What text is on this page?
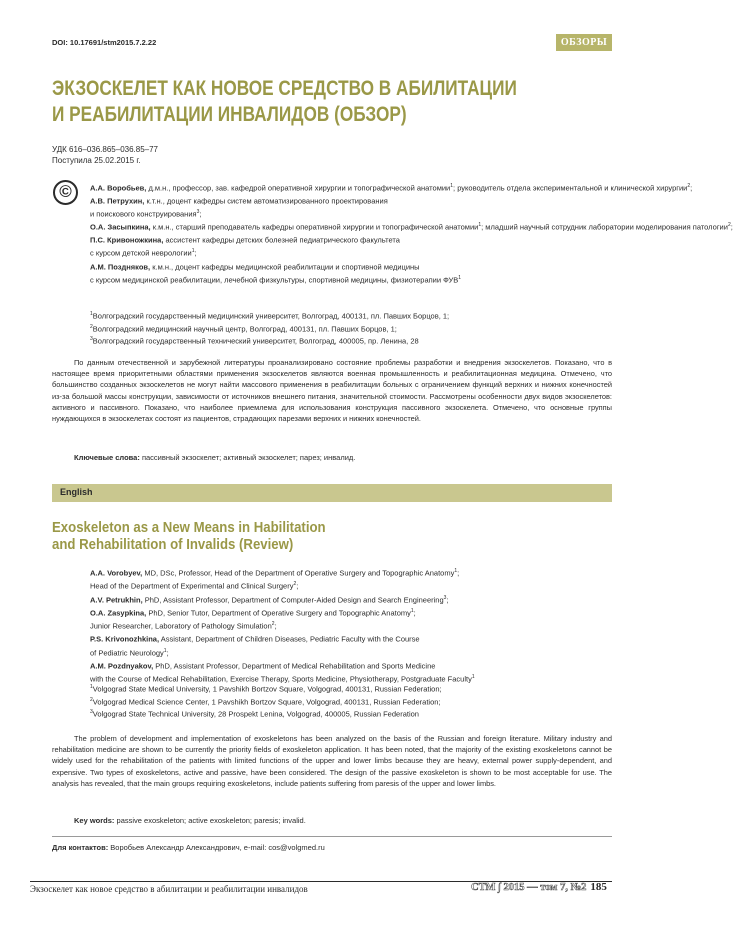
DOI: 10.17691/stm2015.7.2.22	ОБЗОРЫ
ЭКЗОСКЕЛЕТ КАК НОВОЕ СРЕДСТВО В АБИЛИТАЦИИ
И РЕАБИЛИТАЦИИ ИНВАЛИДОВ (ОБЗОР)
УДК 616–036.865–036.85–77
Поступила 25.02.2015 г.
©	А.А. Воробьев, д.м.н., профессор, зав. кафедрой оперативной хирургии и топографической анатомии$^1$; руководитель отдела экспериментальной и клинической хирургии$^2$;

А.В. Петрухин, к.т.н., доцент кафедры систем автоматизированного проектирования
и поискового конструирования$^3$;

О.А. Засыпкина, к.м.н., старший преподаватель кафедры оперативной хирургии и топографической анатомии$^1$; младший научный сотрудник лаборатории моделирования патологии$^2$;

П.С. Кривоножкина, ассистент кафедры детских болезней педиатрического факультета
с курсом детской неврологии$^1$;

А.М. Поздняков, к.м.н., доцент кафедры медицинской реабилитации и спортивной медицины
с курсом медицинской реабилитации, лечебной физкультуры, спортивной медицины, физиотерапии ФУВ$^1$

$^1$Волгоградский государственный медицинский университет, Волгоград, 400131, пл. Павших Борцов, 1;

$^2$Волгоградский медицинский научный центр, Волгоград, 400131, пл. Павших Борцов, 1;

$^3$Волгоградский государственный технический университет, Волгоград, 400005, пр. Ленина, 28

По данным отечественной и зарубежной литературы проанализировано состояние проблемы разработки и внедрения экзоскелетов. Показано, что в настоящее время приоритетными областями применения экзоскелетов являются военная промышленность и реабилитационная медицина. Отмечено, что большинство созданных экзоскелетов не могут найти массового применения в реабилитации больных с ограничением функций верхних и нижних конечностей из-за большой массы конструкции, зависимости от источников внешнего питания, значительной стоимости. Рассмотрены особенности двух видов экзоскелетов: активного и пассивного. Показано, что наиболее приемлема для использования конструкция пассивного экзоскелета. Отмечено, что основные группы нуждающихся в экзоскелетах состоят из пациентов, страдающих парезами верхних и нижних конечностей.

Ключевые слова: пассивный экзоскелет; активный экзоскелет; парез; инвалид.
English
Exoskeleton as a New Means in Habilitation
and Rehabilitation of Invalids (Review)

A.A. Vorobyev, MD, DSc, Professor, Head of the Department of Operative Surgery and Topographic Anatomy$^1$;
Head of the Department of Experimental and Clinical Surgery$^2$;

A.V. Petrukhin, PhD, Assistant Professor, Department of Computer-Aided Design and Search Engineering$^3$;

O.A. Zasypkina, PhD, Senior Tutor, Department of Operative Surgery and Topographic Anatomy$^1$;
Junior Researcher, Laboratory of Pathology Simulation$^2$;

P.S. Krivonozhkina, Assistant, Department of Children Diseases, Pediatric Faculty with the Course
of Pediatric Neurology$^1$;

A.M. Pozdnyakov, PhD, Assistant Professor, Department of Medical Rehabilitation and Sports Medicine
with the Course of Medical Rehabilitation, Exercise Therapy, Sports Medicine, Physiotherapy, Postgraduate Faculty$^1$

$^1$Volgograd State Medical University, 1 Pavshikh Bortzov Square, Volgograd, 400131, Russian Federation;

$^2$Volgograd Medical Science Center, 1 Pavshikh Bortzov Square, Volgograd, 400131, Russian Federation;

$^3$Volgograd State Technical University, 28 Prospekt Lenina, Volgograd, 400005, Russian Federation

The problem of development and implementation of exoskeletons has been analyzed on the basis of the Russian and foreign literature. Military industry and rehabilitation medicine are shown to be currently the priority fields of exoskeleton application. It has been noted, that the majority of the existing exoskeletons cannot be widely used for the rehabilitation of the patients with limited functions of the upper and lower limbs because they are heavy, external power supply-dependent, and expensive. Two types of exoskeletons, active and passive, have been considered. The design of the passive exoskeleton is shown to be most acceptable for use. The analysis has revealed, that the main groups requiring exoskeletons, include patients suffering from paresis of the upper and lower limbs.

Key words: passive exoskeleton; active exoskeleton; paresis; invalid.
Для контактов: Воробьев Александр Александрович, e-mail: cos@volgmed.ru
Экзоскелет как новое средство в абилитации и реабилитации инвалидов	СТМ ∫ 2015 — том 7, №2 185
